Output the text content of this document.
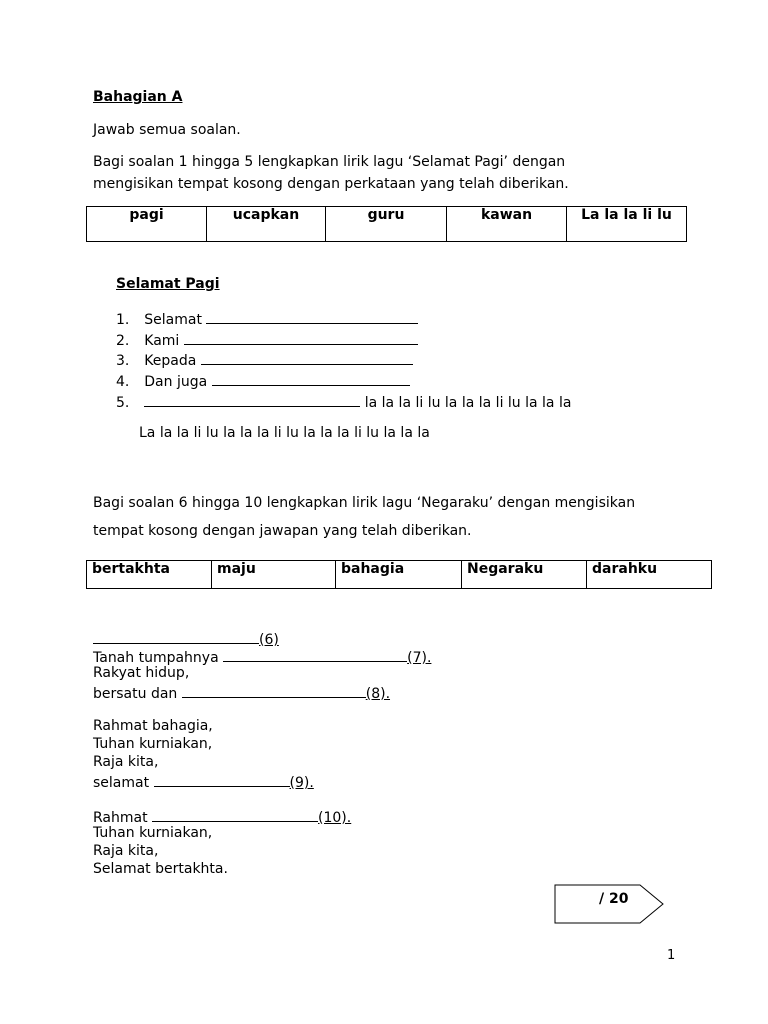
Bahagian A
Jawab semua soalan.
Bagi soalan 1 hingga 5 lengkapkan lirik lagu ‘Selamat Pagi’ dengan
mengisikan tempat kosong dengan perkataan yang telah diberikan.
pagi	ucapkan	guru	kawan	La la la li lu
Selamat Pagi
1. Selamat
2. Kami
3. Kepada
4. Dan juga
5.	la la la li lu la la la li lu la la la
La la la li lu la la la li lu la la la li lu la la la
Bagi soalan 6 hingga 10 lengkapkan lirik lagu ‘Negaraku’ dengan mengisikan
tempat kosong dengan jawapan yang telah diberikan.
bertakhta	maju	bahagia	Negaraku	darahku
(6)
Tanah tumpahnya	(7).
Rakyat hidup,
bersatu dan	(8).
Rahmat bahagia,
Tuhan kurniakan,
Raja kita,
selamat	(9).
Rahmat	(10).
Tuhan kurniakan,
Raja kita,
Selamat bertakhta.
/ 20
1
